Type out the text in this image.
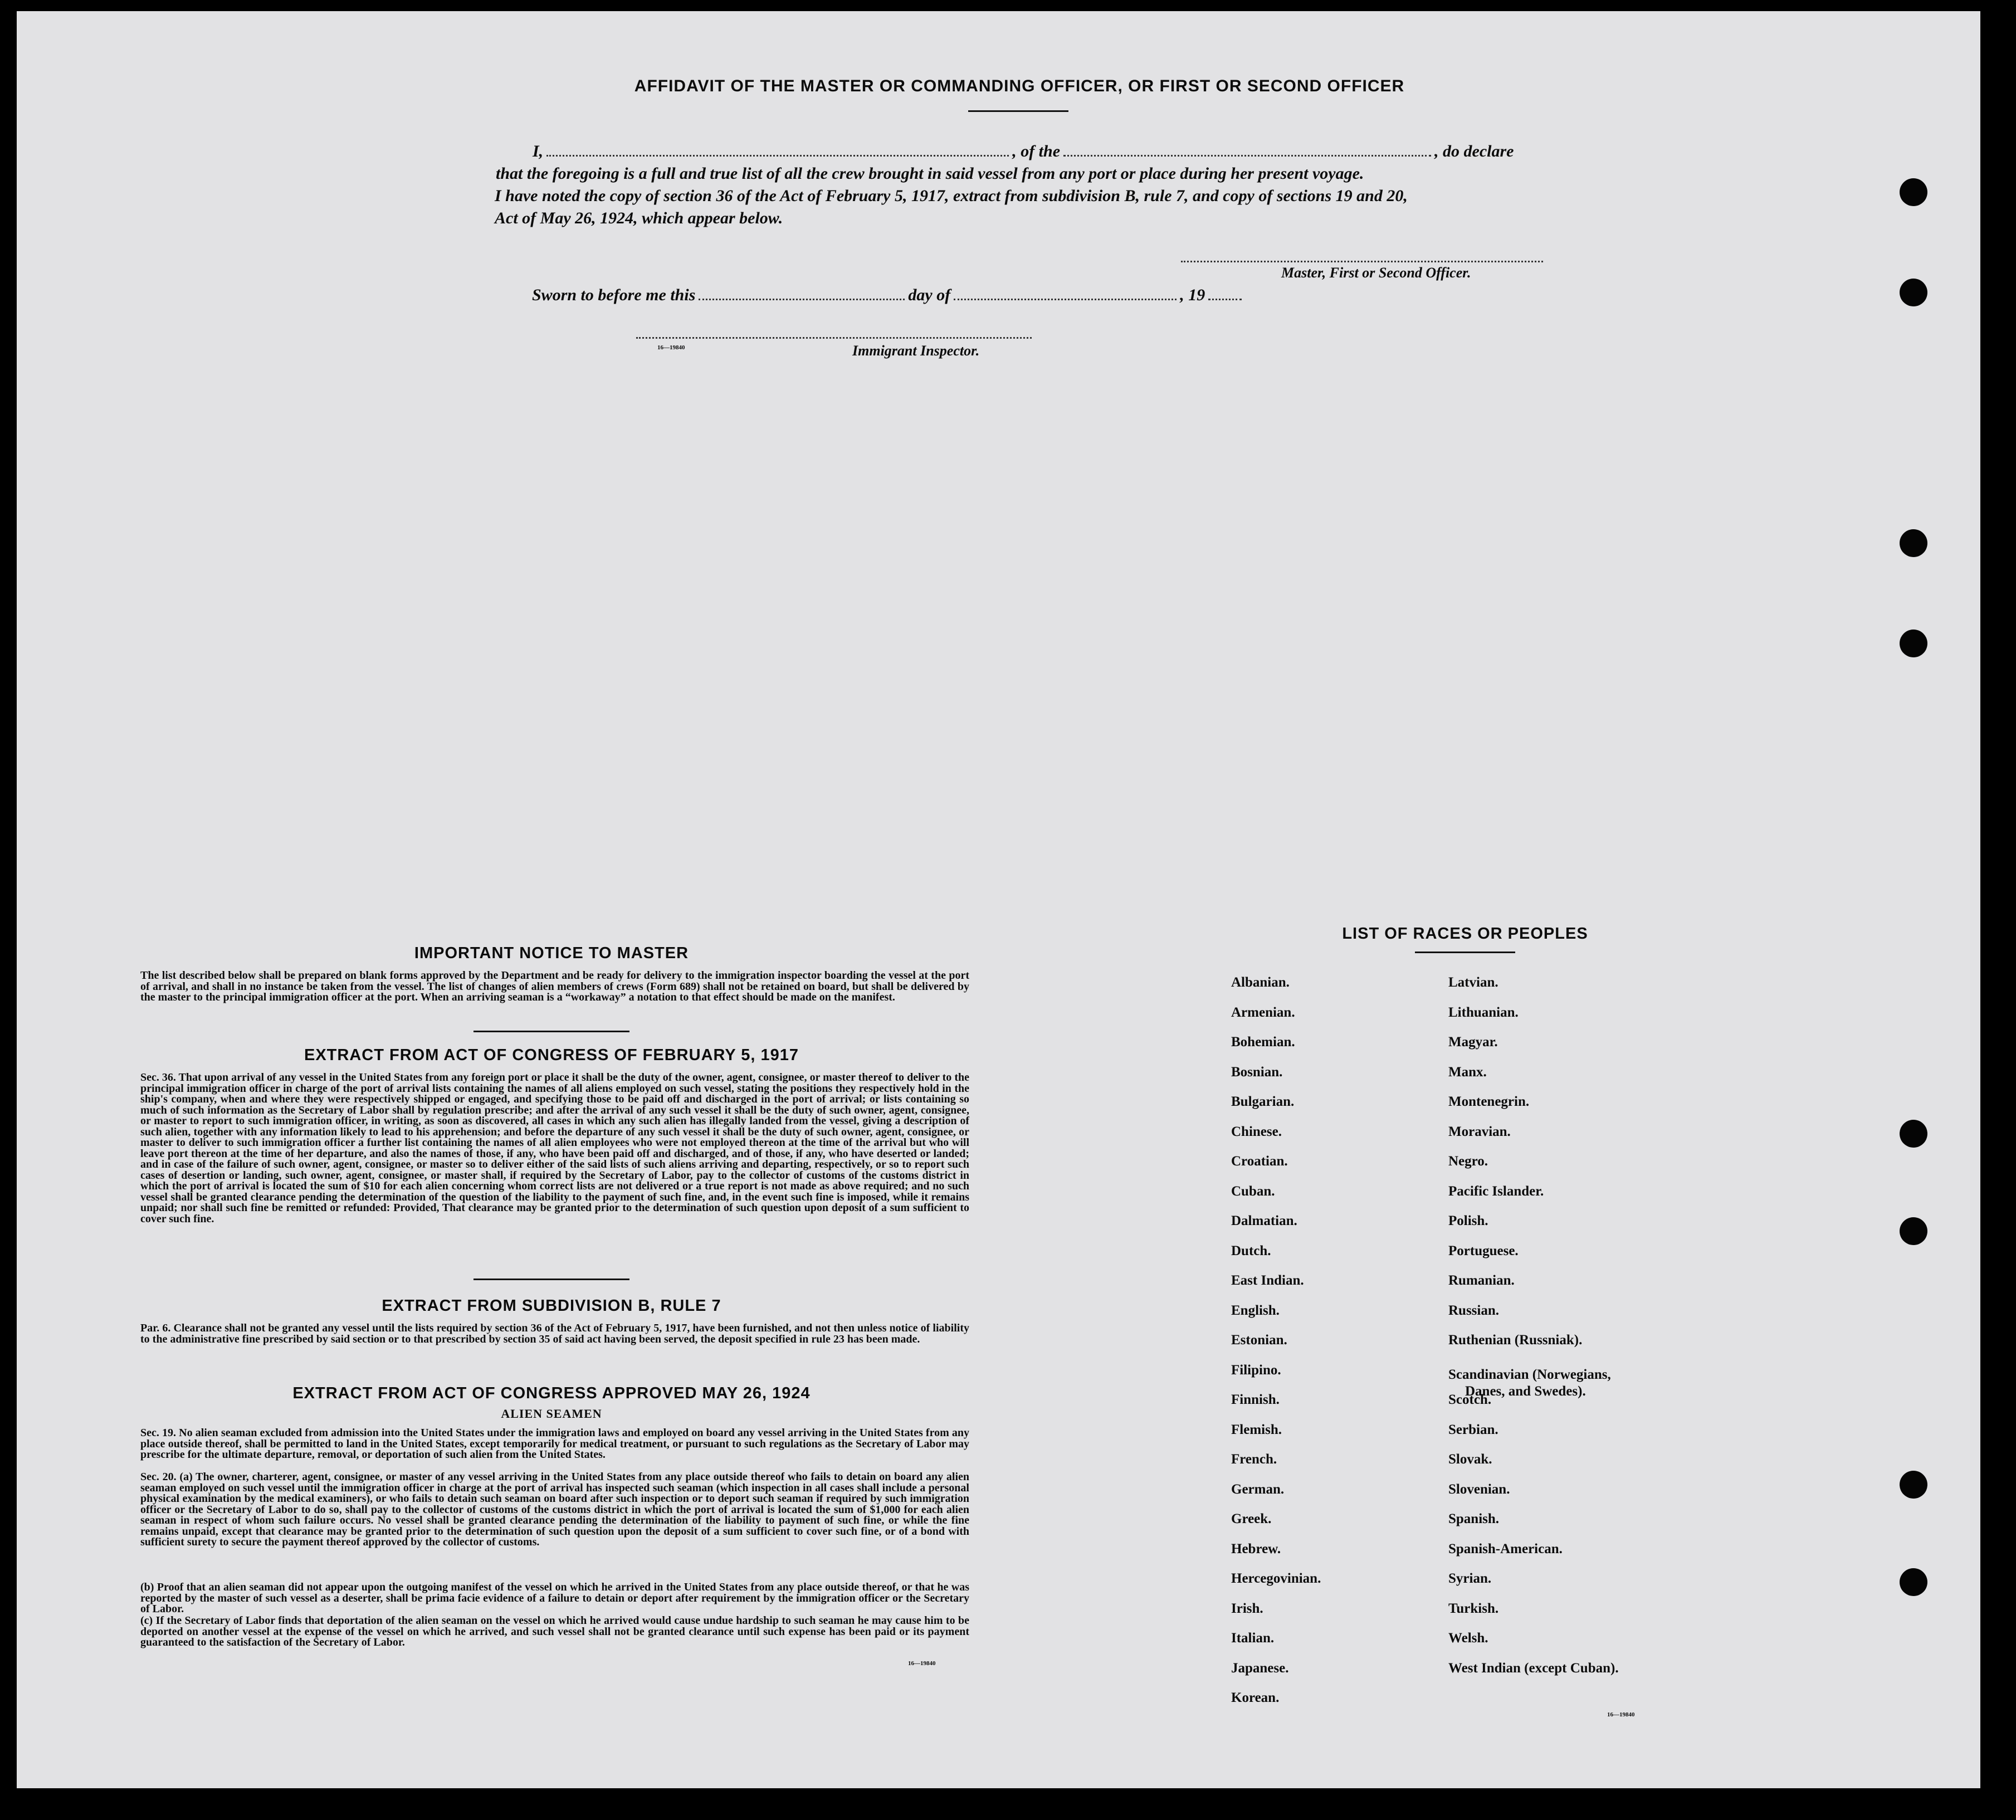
AFFIDAVIT OF THE MASTER OR COMMANDING OFFICER, OR FIRST OR SECOND OFFICER
I,	, of the	, do declare
that the foregoing is a full and true list of all the crew brought in said vessel from any port or place during her present voyage.
I have noted the copy of section 36 of the Act of February 5, 1917, extract from subdivision B, rule 7, and copy of sections 19 and 20,
Act of May 26, 1924, which appear below.
Master, First or Second Officer.
Sworn to before me this	day of	, 19
16—19840	Immigrant Inspector.
IMPORTANT NOTICE TO MASTER
The list described below shall be prepared on blank forms approved by the Department and be ready for delivery to the immigration inspector boarding the vessel at the port of arrival, and shall in no instance be taken from the vessel. The list of changes of alien members of crews (Form 689) shall not be retained on board, but shall be delivered by the master to the principal immigration officer at the port. When an arriving seaman is a “workaway” a notation to that effect should be made on the manifest.
EXTRACT FROM ACT OF CONGRESS OF FEBRUARY 5, 1917
Sec. 36. That upon arrival of any vessel in the United States from any foreign port or place it shall be the duty of the owner, agent, consignee, or master thereof to deliver to the principal immigration officer in charge of the port of arrival lists containing the names of all aliens employed on such vessel, stating the positions they respectively hold in the ship's company, when and where they were respectively shipped or engaged, and specifying those to be paid off and discharged in the port of arrival; or lists containing so much of such information as the Secretary of Labor shall by regulation prescribe; and after the arrival of any such vessel it shall be the duty of such owner, agent, consignee, or master to report to such immigration officer, in writing, as soon as discovered, all cases in which any such alien has illegally landed from the vessel, giving a description of such alien, together with any information likely to lead to his apprehension; and before the departure of any such vessel it shall be the duty of such owner, agent, consignee, or master to deliver to such immigration officer a further list containing the names of all alien employees who were not employed thereon at the time of the arrival but who will leave port thereon at the time of her departure, and also the names of those, if any, who have been paid off and discharged, and of those, if any, who have deserted or landed; and in case of the failure of such owner, agent, consignee, or master so to deliver either of the said lists of such aliens arriving and departing, respectively, or so to report such cases of desertion or landing, such owner, agent, consignee, or master shall, if required by the Secretary of Labor, pay to the collector of customs of the customs district in which the port of arrival is located the sum of $10 for each alien concerning whom correct lists are not delivered or a true report is not made as above required; and no such vessel shall be granted clearance pending the determination of the question of the liability to the payment of such fine, and, in the event such fine is imposed, while it remains unpaid; nor shall such fine be remitted or refunded: Provided, That clearance may be granted prior to the determination of such question upon deposit of a sum sufficient to cover such fine.
EXTRACT FROM SUBDIVISION B, RULE 7
Par. 6. Clearance shall not be granted any vessel until the lists required by section 36 of the Act of February 5, 1917, have been furnished, and not then unless notice of liability to the administrative fine prescribed by said section or to that prescribed by section 35 of said act having been served, the deposit specified in rule 23 has been made.
EXTRACT FROM ACT OF CONGRESS APPROVED MAY 26, 1924
ALIEN SEAMEN
Sec. 19. No alien seaman excluded from admission into the United States under the immigration laws and employed on board any vessel arriving in the United States from any place outside thereof, shall be permitted to land in the United States, except temporarily for medical treatment, or pursuant to such regulations as the Secretary of Labor may prescribe for the ultimate departure, removal, or deportation of such alien from the United States.
Sec. 20. (a) The owner, charterer, agent, consignee, or master of any vessel arriving in the United States from any place outside thereof who fails to detain on board any alien seaman employed on such vessel until the immigration officer in charge at the port of arrival has inspected such seaman (which inspection in all cases shall include a personal physical examination by the medical examiners), or who fails to detain such seaman on board after such inspection or to deport such seaman if required by such immigration officer or the Secretary of Labor to do so, shall pay to the collector of customs of the customs district in which the port of arrival is located the sum of $1,000 for each alien seaman in respect of whom such failure occurs. No vessel shall be granted clearance pending the determination of the liability to payment of such fine, or while the fine remains unpaid, except that clearance may be granted prior to the determination of such question upon the deposit of a sum sufficient to cover such fine, or of a bond with sufficient surety to secure the payment thereof approved by the collector of customs.
(b) Proof that an alien seaman did not appear upon the outgoing manifest of the vessel on which he arrived in the United States from any place outside thereof, or that he was reported by the master of such vessel as a deserter, shall be prima facie evidence of a failure to detain or deport after requirement by the immigration officer or the Secretary of Labor.
(c) If the Secretary of Labor finds that deportation of the alien seaman on the vessel on which he arrived would cause undue hardship to such seaman he may cause him to be deported on another vessel at the expense of the vessel on which he arrived, and such vessel shall not be granted clearance until such expense has been paid or its payment guaranteed to the satisfaction of the Secretary of Labor.
16—19840
LIST OF RACES OR PEOPLES
16—19840
Albanian.
Armenian.
Bohemian.
Bosnian.
Bulgarian.
Chinese.
Croatian.
Cuban.
Dalmatian.
Dutch.
East Indian.
English.
Estonian.
Filipino.
Finnish.
Flemish.
French.
German.
Greek.
Hebrew.
Hercegovinian.
Irish.
Italian.
Japanese.
Korean.
Latvian.
Lithuanian.
Magyar.
Manx.
Montenegrin.
Moravian.
Negro.
Pacific Islander.
Polish.
Portuguese.
Rumanian.
Russian.
Ruthenian (Russniak).
Scandinavian (Norwegians,
Danes, and Swedes).
Scotch.
Serbian.
Slovak.
Slovenian.
Spanish.
Spanish-American.
Syrian.
Turkish.
Welsh.
West Indian (except Cuban).
